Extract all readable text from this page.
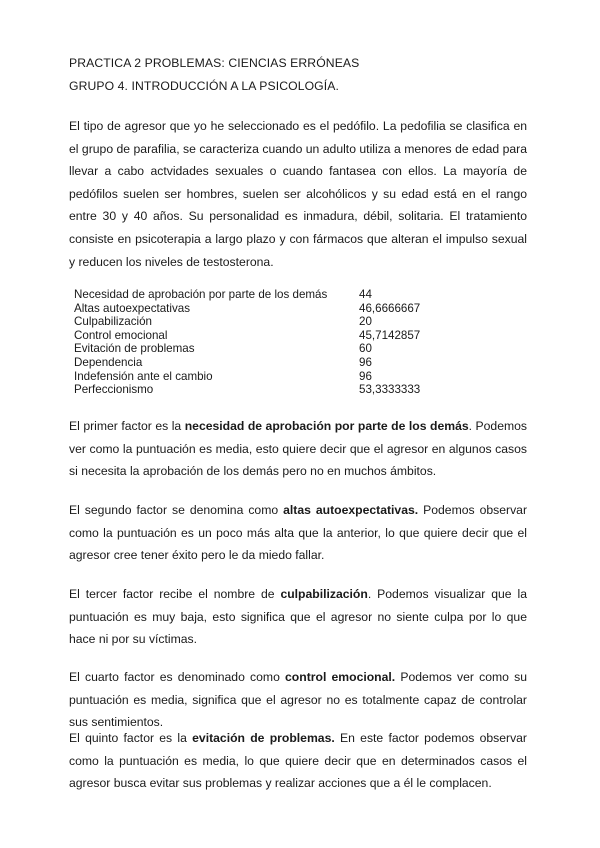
PRACTICA 2 PROBLEMAS: CIENCIAS ERRÓNEAS
GRUPO 4. INTRODUCCIÓN A LA PSICOLOGÍA.

El tipo de agresor que yo he seleccionado es el pedófilo. La pedofilia se clasifica en el grupo de parafilia, se caracteriza cuando un adulto utiliza a menores de edad para llevar a cabo actvidades sexuales o cuando fantasea con ellos. La mayoría de pedófilos suelen ser hombres, suelen ser alcohólicos y su edad está en el rango entre 30 y 40 años. Su personalidad es inmadura, débil, solitaria. El tratamiento consiste en psicoterapia a largo plazo y con fármacos que alteran el impulso sexual y reducen los niveles de testosterona.

Necesidad de aprobación por parte de los demás	44
Altas autoexpectativas	46,6666667
Culpabilización	20
Control emocional	45,7142857
Evitación de problemas	60
Dependencia	96
Indefensión ante el cambio	96
Perfeccionismo	53,3333333

El primer factor es la necesidad de aprobación por parte de los demás. Podemos ver como la puntuación es media, esto quiere decir que el agresor en algunos casos si necesita la aprobación de los demás pero no en muchos ámbitos.

El segundo factor se denomina como altas autoexpectativas. Podemos observar como la puntuación es un poco más alta que la anterior, lo que quiere decir que el agresor cree tener éxito pero le da miedo fallar.

El tercer factor recibe el nombre de culpabilización. Podemos visualizar que la puntuación es muy baja, esto significa que el agresor no siente culpa por lo que hace ni por su víctimas.

El cuarto factor es denominado como control emocional. Podemos ver como su puntuación es media, significa que el agresor no es totalmente capaz de controlar sus sentimientos.

El quinto factor es la evitación de problemas. En este factor podemos observar como la puntuación es media, lo que quiere decir que en determinados casos el agresor busca evitar sus problemas y realizar acciones que a él le complacen.
